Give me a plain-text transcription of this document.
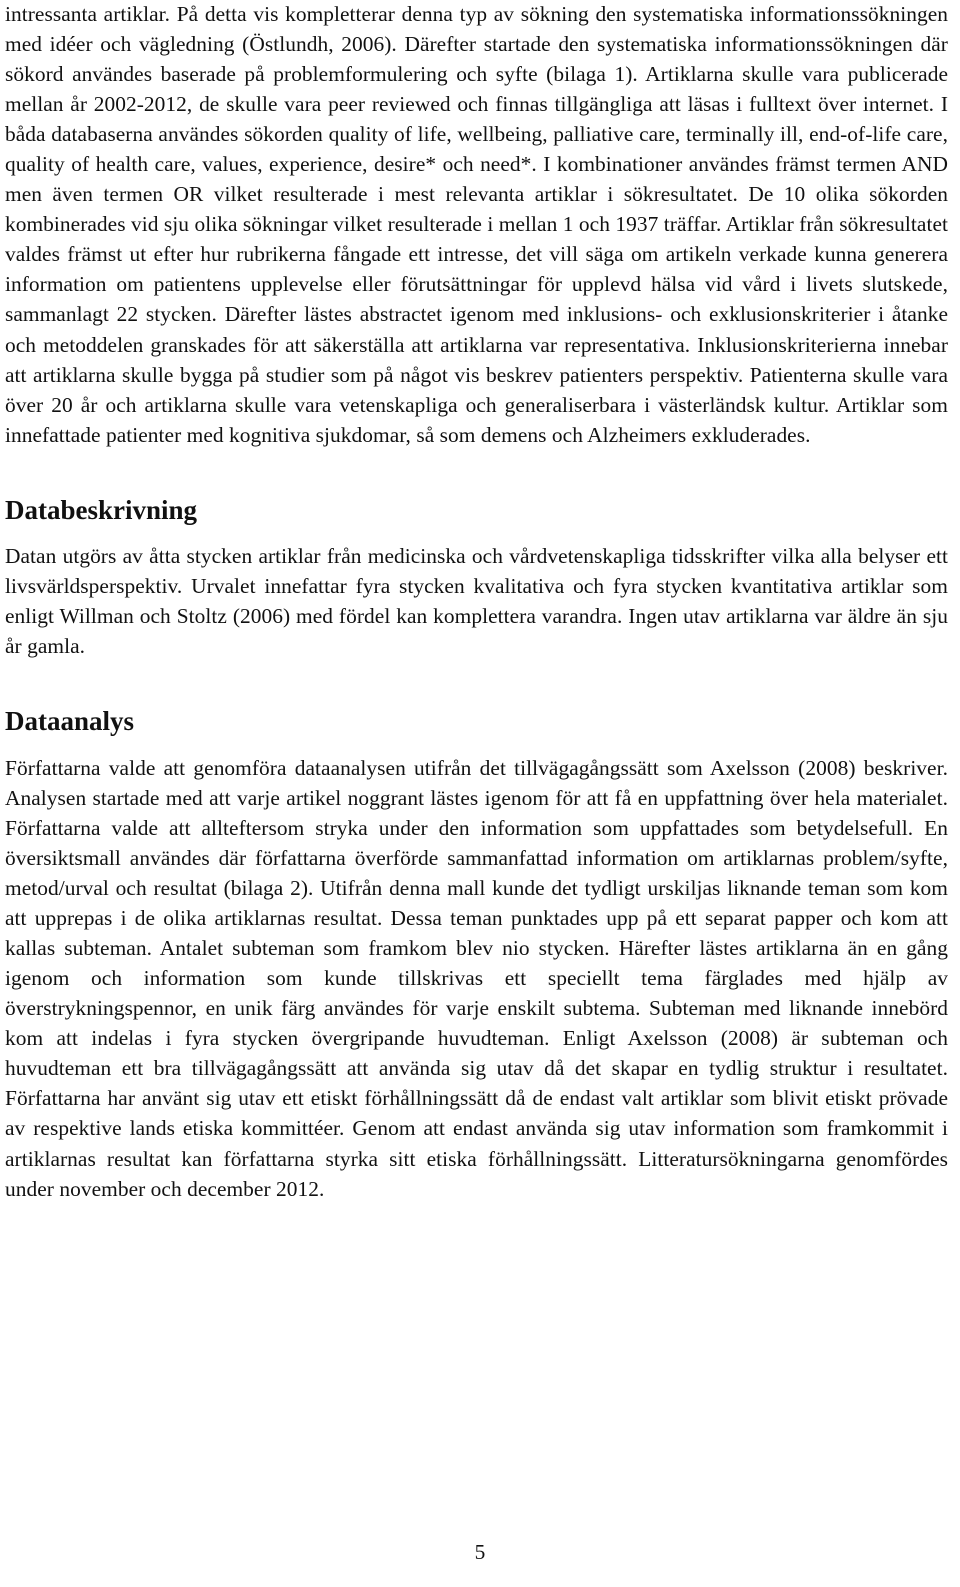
intressanta artiklar. På detta vis kompletterar denna typ av sökning den systematiska informationssökningen med idéer och vägledning (Östlundh, 2006). Därefter startade den systematiska informationssökningen där sökord användes baserade på problemformulering och syfte (bilaga 1). Artiklarna skulle vara publicerade mellan år 2002-2012, de skulle vara peer reviewed och finnas tillgängliga att läsas i fulltext över internet. I båda databaserna användes sökorden quality of life, wellbeing, palliative care, terminally ill, end-of-life care, quality of health care, values, experience, desire* och need*. I kombinationer användes främst termen AND men även termen OR vilket resulterade i mest relevanta artiklar i sökresultatet. De 10 olika sökorden kombinerades vid sju olika sökningar vilket resulterade i mellan 1 och 1937 träffar. Artiklar från sökresultatet valdes främst ut efter hur rubrikerna fångade ett intresse, det vill säga om artikeln verkade kunna generera information om patientens upplevelse eller förutsättningar för upplevd hälsa vid vård i livets slutskede, sammanlagt 22 stycken. Därefter lästes abstractet igenom med inklusions- och exklusionskriterier i åtanke och metoddelen granskades för att säkerställa att artiklarna var representativa. Inklusionskriterierna innebar att artiklarna skulle bygga på studier som på något vis beskrev patienters perspektiv. Patienterna skulle vara över 20 år och artiklarna skulle vara vetenskapliga och generaliserbara i västerländsk kultur. Artiklar som innefattade patienter med kognitiva sjukdomar, så som demens och Alzheimers exkluderades.

Databeskrivning

Datan utgörs av åtta stycken artiklar från medicinska och vårdvetenskapliga tidsskrifter vilka alla belyser ett livsvärldsperspektiv. Urvalet innefattar fyra stycken kvalitativa och fyra stycken kvantitativa artiklar som enligt Willman och Stoltz (2006) med fördel kan komplettera varandra. Ingen utav artiklarna var äldre än sju år gamla.

Dataanalys

Författarna valde att genomföra dataanalysen utifrån det tillvägagångssätt som Axelsson (2008) beskriver. Analysen startade med att varje artikel noggrant lästes igenom för att få en uppfattning över hela materialet. Författarna valde att allteftersom stryka under den information som uppfattades som betydelsefull. En översiktsmall användes där författarna överförde sammanfattad information om artiklarnas problem/syfte, metod/urval och resultat (bilaga 2). Utifrån denna mall kunde det tydligt urskiljas liknande teman som kom att upprepas i de olika artiklarnas resultat. Dessa teman punktades upp på ett separat papper och kom att kallas subteman. Antalet subteman som framkom blev nio stycken. Härefter lästes artiklarna än en gång igenom och information som kunde tillskrivas ett speciellt tema färglades med hjälp av överstrykningspennor, en unik färg användes för varje enskilt subtema. Subteman med liknande innebörd kom att indelas i fyra stycken övergripande huvudteman. Enligt Axelsson (2008) är subteman och huvudteman ett bra tillvägagångssätt att använda sig utav då det skapar en tydlig struktur i resultatet. Författarna har använt sig utav ett etiskt förhållningssätt då de endast valt artiklar som blivit etiskt prövade av respektive lands etiska kommittéer. Genom att endast använda sig utav information som framkommit i artiklarnas resultat kan författarna styrka sitt etiska förhållningssätt. Litteratursökningarna genomfördes under november och december 2012.

5
